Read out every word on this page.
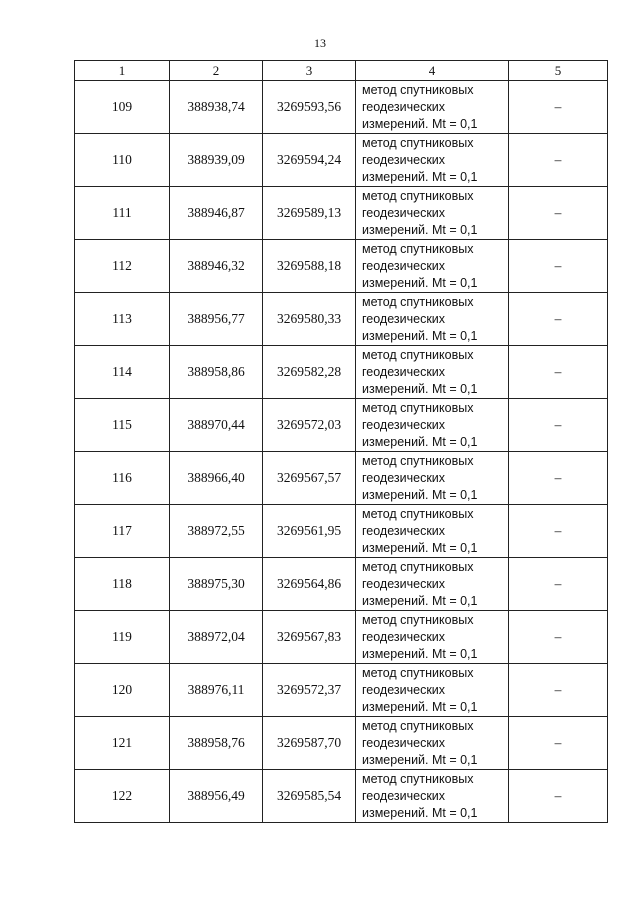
13
1	2	3	4	5
109	388938,74	3269593,56	метод спутниковых
геодезических
измерений. Mt = 0,1	–
110	388939,09	3269594,24	метод спутниковых
геодезических
измерений. Mt = 0,1	–
111	388946,87	3269589,13	метод спутниковых
геодезических
измерений. Mt = 0,1	–
112	388946,32	3269588,18	метод спутниковых
геодезических
измерений. Mt = 0,1	–
113	388956,77	3269580,33	метод спутниковых
геодезических
измерений. Mt = 0,1	–
114	388958,86	3269582,28	метод спутниковых
геодезических
измерений. Mt = 0,1	–
115	388970,44	3269572,03	метод спутниковых
геодезических
измерений. Mt = 0,1	–
116	388966,40	3269567,57	метод спутниковых
геодезических
измерений. Mt = 0,1	–
117	388972,55	3269561,95	метод спутниковых
геодезических
измерений. Mt = 0,1	–
118	388975,30	3269564,86	метод спутниковых
геодезических
измерений. Mt = 0,1	–
119	388972,04	3269567,83	метод спутниковых
геодезических
измерений. Mt = 0,1	–
120	388976,11	3269572,37	метод спутниковых
геодезических
измерений. Mt = 0,1	–
121	388958,76	3269587,70	метод спутниковых
геодезических
измерений. Mt = 0,1	–
122	388956,49	3269585,54	метод спутниковых
геодезических
измерений. Mt = 0,1	–
